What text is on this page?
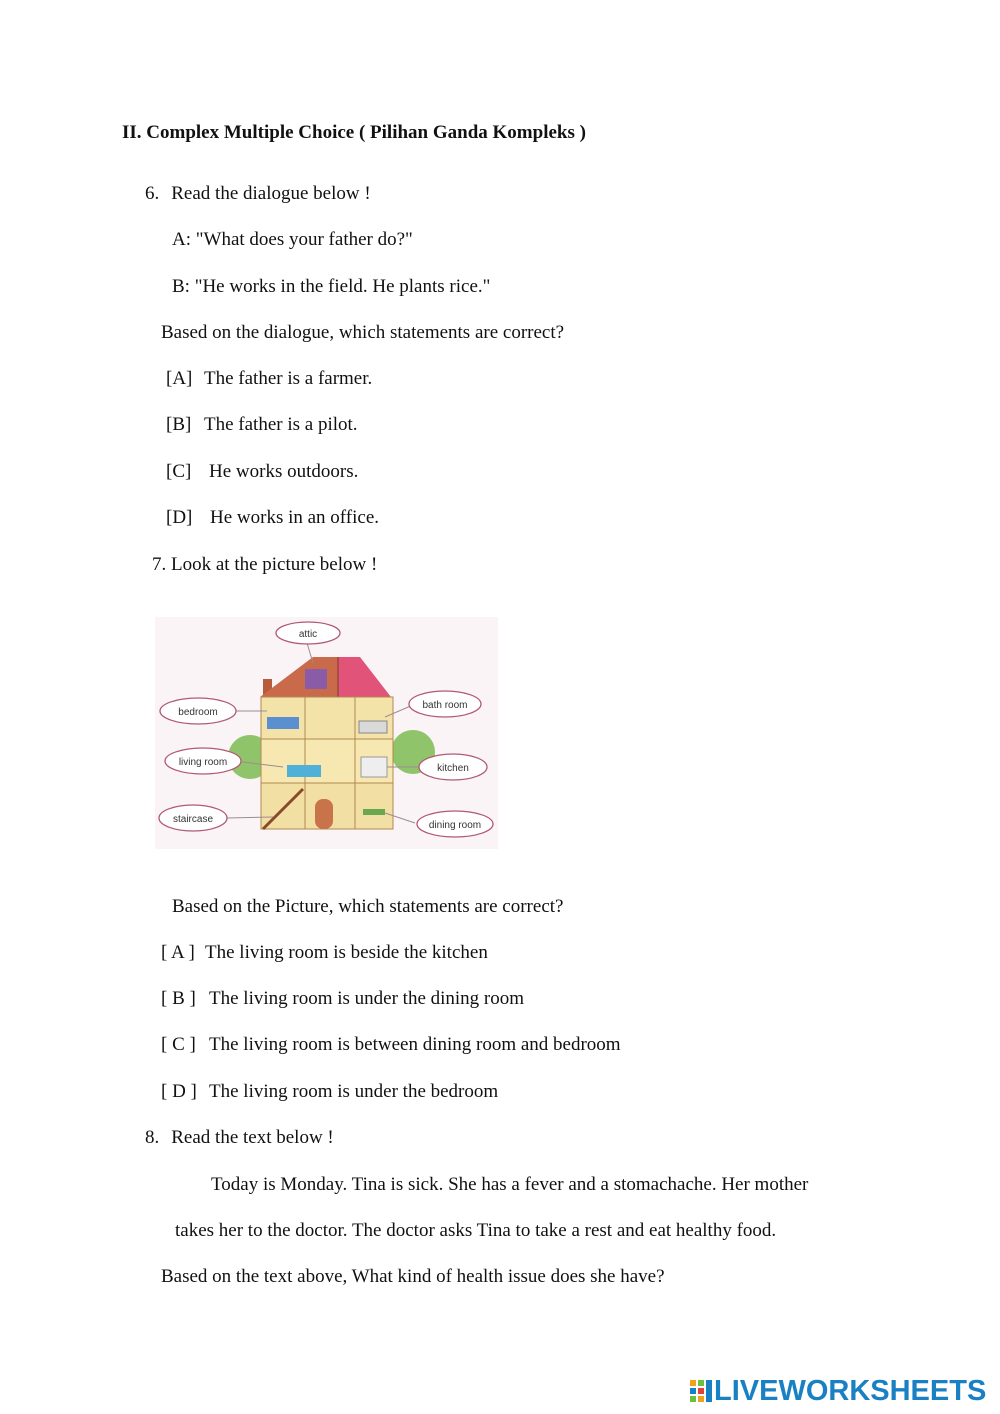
II. Complex Multiple Choice ( Pilihan Ganda Kompleks )
6. Read the dialogue below !
A: "What does your father do?"
B: "He works in the field. He plants rice."
Based on the dialogue, which statements are correct?
[A] The father is a farmer.
[B] The father is a pilot.
[C] He works outdoors.
[D] He works in an office.
7. Look at the picture below !
attic
bedroom
living room
staircase
bath room
kitchen
dining room
Based on the Picture, which statements are correct?
[ A ] The living room is beside the kitchen
[ B ] The living room is under the dining room
[ C ] The living room is between dining room and bedroom
[ D ] The living room is under the bedroom
8. Read the text below !
Today is Monday. Tina is sick. She has a fever and a stomachache. Her mother
takes her to the doctor. The doctor asks Tina to take a rest and eat healthy food.
Based on the text above, What kind of health issue does she have?
LIVEWORKSHEETS
